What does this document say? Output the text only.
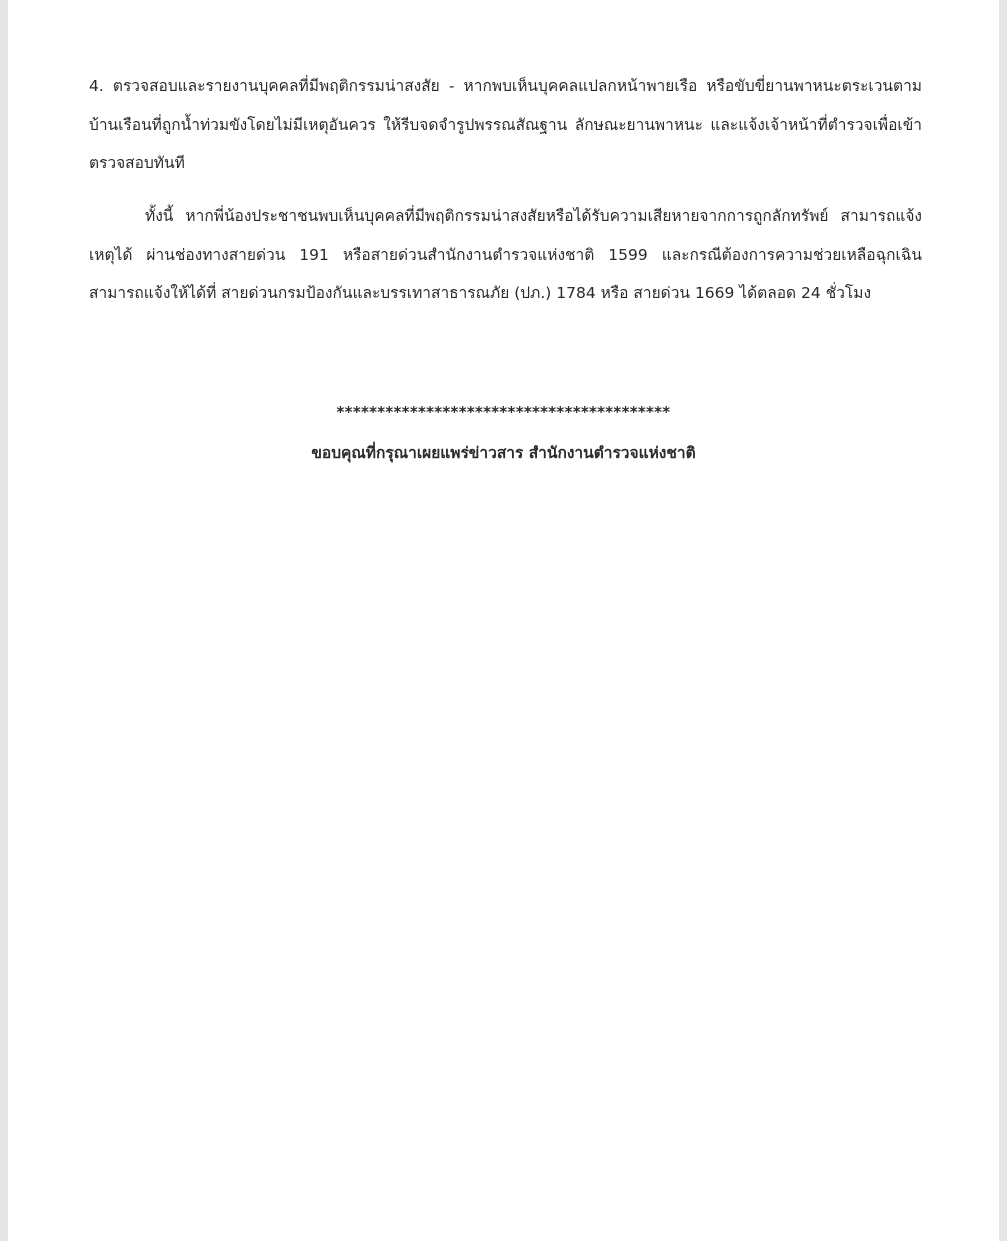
4. ตรวจสอบและรายงานบุคคลที่มีพฤติกรรมน่าสงสัย - หากพบเห็นบุคคลแปลกหน้าพายเรือ หรือขับขี่ยานพาหนะตระเวนตามบ้านเรือนที่ถูกน้ำท่วมขังโดยไม่มีเหตุอันควร ให้รีบจดจำรูปพรรณสัณฐาน ลักษณะยานพาหนะ และแจ้งเจ้าหน้าที่ตำรวจเพื่อเข้าตรวจสอบทันที

ทั้งนี้ หากพี่น้องประชาชนพบเห็นบุคคลที่มีพฤติกรรมน่าสงสัยหรือได้รับความเสียหายจากการถูกลักทรัพย์ สามารถแจ้งเหตุได้ ผ่านช่องทางสายด่วน 191 หรือสายด่วนสำนักงานตำรวจแห่งชาติ 1599 และกรณีต้องการความช่วยเหลือฉุกเฉิน สามารถแจ้งให้ได้ที่ สายด่วนกรมป้องกันและบรรเทาสาธารณภัย (ปภ.) 1784 หรือ สายด่วน 1669 ได้ตลอด 24 ชั่วโมง

*****************************************

ขอบคุณที่กรุณาเผยแพร่ข่าวสาร สำนักงานตำรวจแห่งชาติ
